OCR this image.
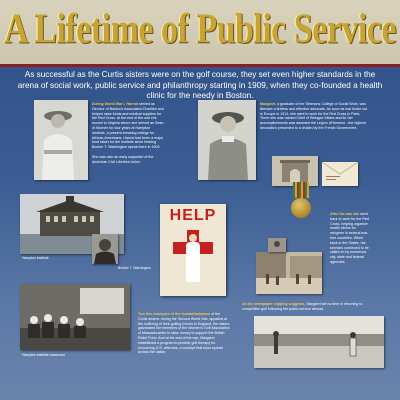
A Lifetime of Public Service
As successful as the Curtis sisters were on the golf course, they set even higher standards in the arena of social work, public service and philanthropy starting in 1909, when they co-founded a health clinic for the needy in Boston.
During World War I, Harriot served as Director of Boston's Associated Charities and helped raise funds and medical supplies for the Red Cross. At the end of the war she moved to Virginia where she served as Dean of Women for four years at Hampton Institute, a present-breaking college for African-Americans. Harriot had been a major fund raiser for the Institute since hearing Booker T. Washington speak there in 1903.
She was also an early supporter of the American Civil Liberties Union.
Margaret, a graduate of the Simmons College of Social Work, was likewise a tireless and effective advocate. As soon as war broke out in Europe in 1914, she went to work for the Red Cross in Paris. There she was named Chief of Refugee Affairs and for her accomplishments was awarded the Legion d'Honneur - the highest decoration presented to a civilian by the French Government.
After the war she went back to work for the Red Cross, helping organize health clinics for refugees in several war-torn countries. When back in the States, her services continued to be called on by numerous city, state and federal agencies.
Hampton Institute
Booker T. Washington
HELP
Hampton Institute classroom
Two fine examples of the humanitarianism of the Curtis sisters: during the Second World War, appalled at the suffering of their golfing friends in England, the sisters galvanized the members of the Women's Golf Association of Massachusetts to raise money to support the British Relief Fund. And at the end of the war, Margaret established a program to provide golf therapy for recovering U.S. veterans, a concept that soon spread across the nation.
As the newspaper clipping suggests, Margaret set no time in returning to competitive golf following her public service abroad.
